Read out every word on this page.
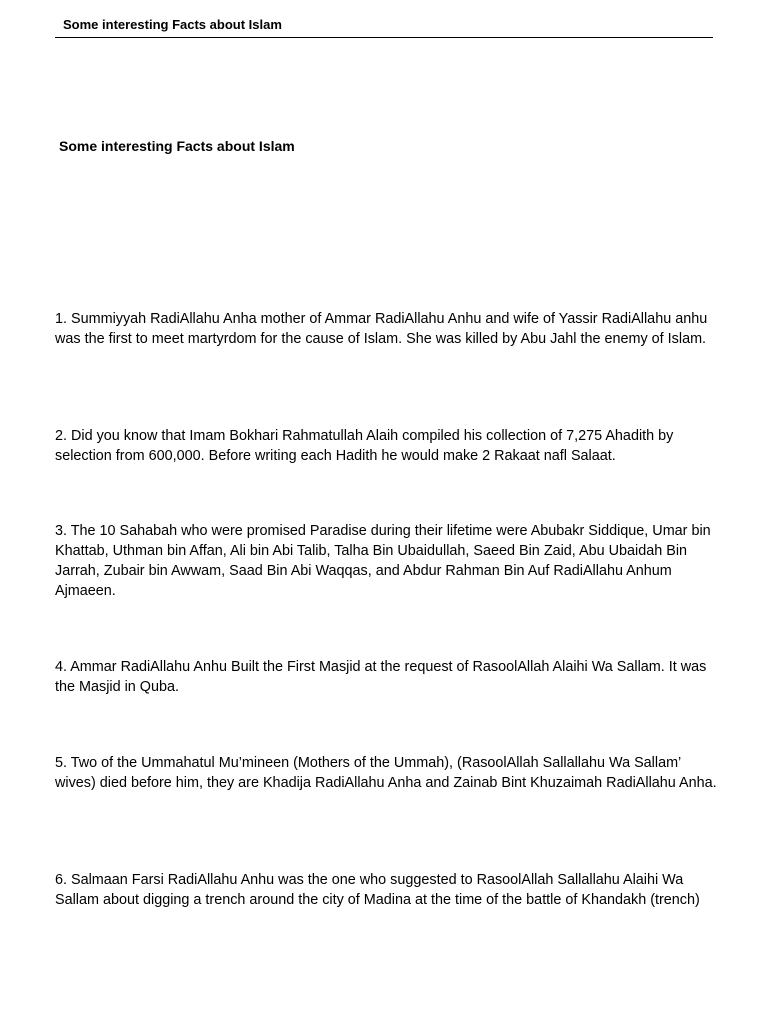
Some interesting Facts about Islam
Some interesting Facts about Islam

1. Summiyyah RadiAllahu Anha mother of Ammar RadiAllahu Anhu and wife of Yassir RadiAllahu anhu was the first to meet martyrdom for the cause of Islam. She was killed by Abu Jahl the enemy of Islam.

2. Did you know that Imam Bokhari Rahmatullah Alaih compiled his collection of 7,275 Ahadith by selection from 600,000. Before writing each Hadith he would make 2 Rakaat nafl Salaat.

3. The 10 Sahabah who were promised Paradise during their lifetime were Abubakr Siddique, Umar bin Khattab, Uthman bin Affan, Ali bin Abi Talib, Talha Bin Ubaidullah, Saeed Bin Zaid, Abu Ubaidah Bin Jarrah, Zubair bin Awwam, Saad Bin Abi Waqqas, and Abdur Rahman Bin Auf RadiAllahu Anhum Ajmaeen.

4. Ammar RadiAllahu Anhu Built the First Masjid at the request of RasoolAllah Alaihi Wa Sallam. It was the Masjid in Quba.

5. Two of the Ummahatul Mu’mineen (Mothers of the Ummah), (RasoolAllah Sallallahu Wa Sallam’ wives) died before him, they are Khadija RadiAllahu Anha and Zainab Bint Khuzaimah RadiAllahu Anha.

6. Salmaan Farsi RadiAllahu Anhu was the one who suggested to RasoolAllah Sallallahu Alaihi Wa Sallam about digging a trench around the city of Madina at the time of the battle of Khandakh (trench)
